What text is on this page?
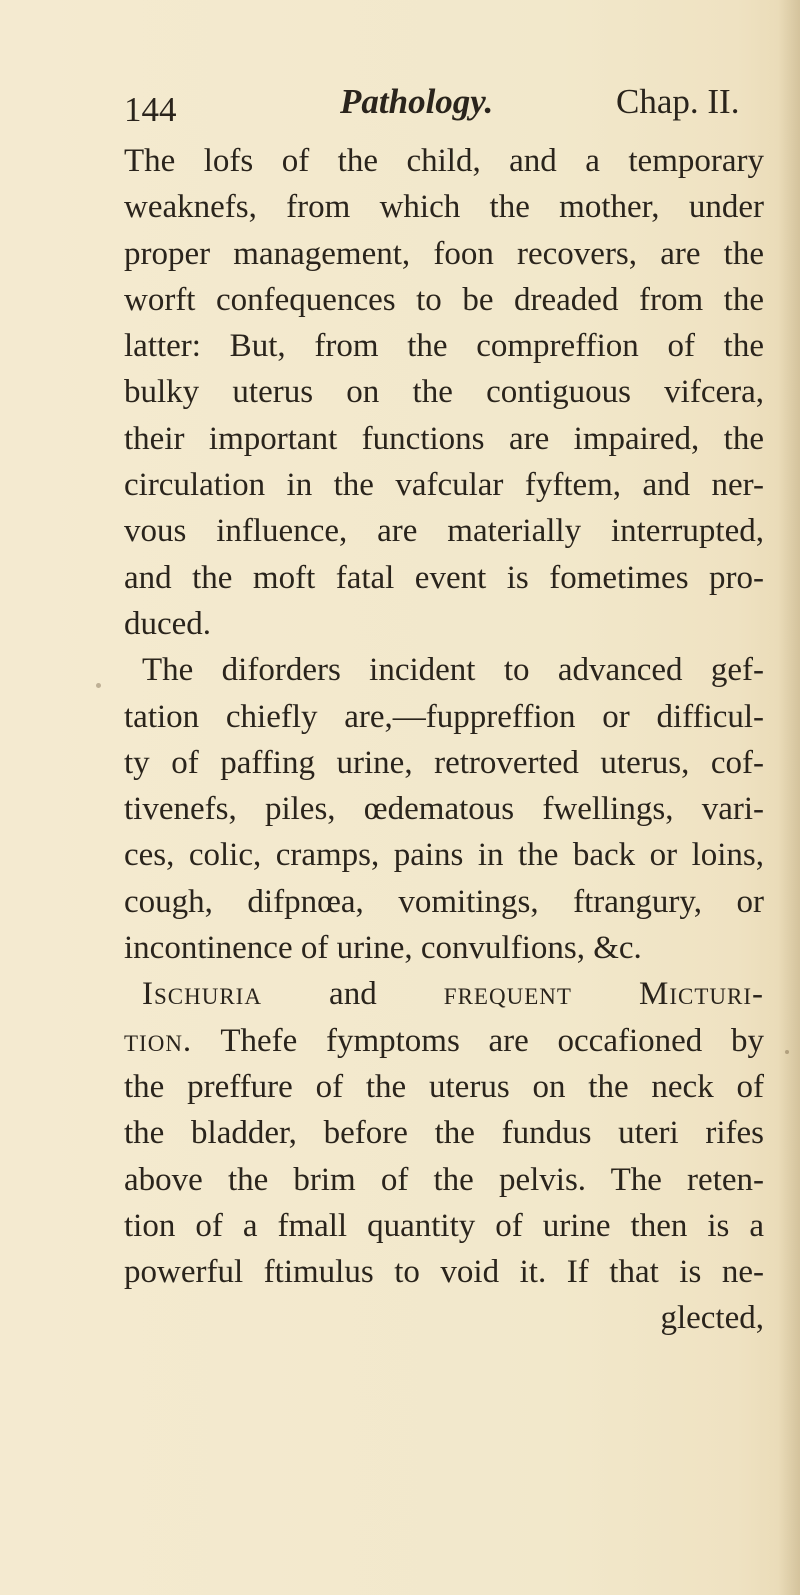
144	Pathology.	Chap. II.
The lofs of the child, and a temporary
weaknefs, from which the mother, under
proper management, foon recovers, are the
worft confequences to be dreaded from the
latter: But, from the compreffion of the
bulky uterus on the contiguous vifcera,
their important functions are impaired, the
circulation in the vafcular fyftem, and ner-
vous influence, are materially interrupted,
and the moft fatal event is fometimes pro-
duced.
The diforders incident to advanced gef-
tation chiefly are,—fuppreffion or difficul-
ty of paffing urine, retroverted uterus, cof-
tivenefs, piles, œdematous fwellings, vari-
ces, colic, cramps, pains in the back or loins,
cough, difpnœa, vomitings, ftrangury, or
incontinence of urine, convulfions, &c.
Ischuria and frequent Micturi-
tion. Thefe fymptoms are occafioned by
the preffure of the uterus on the neck of
the bladder, before the fundus uteri rifes
above the brim of the pelvis. The reten-
tion of a fmall quantity of urine then is a
powerful ftimulus to void it. If that is ne-
glected,
